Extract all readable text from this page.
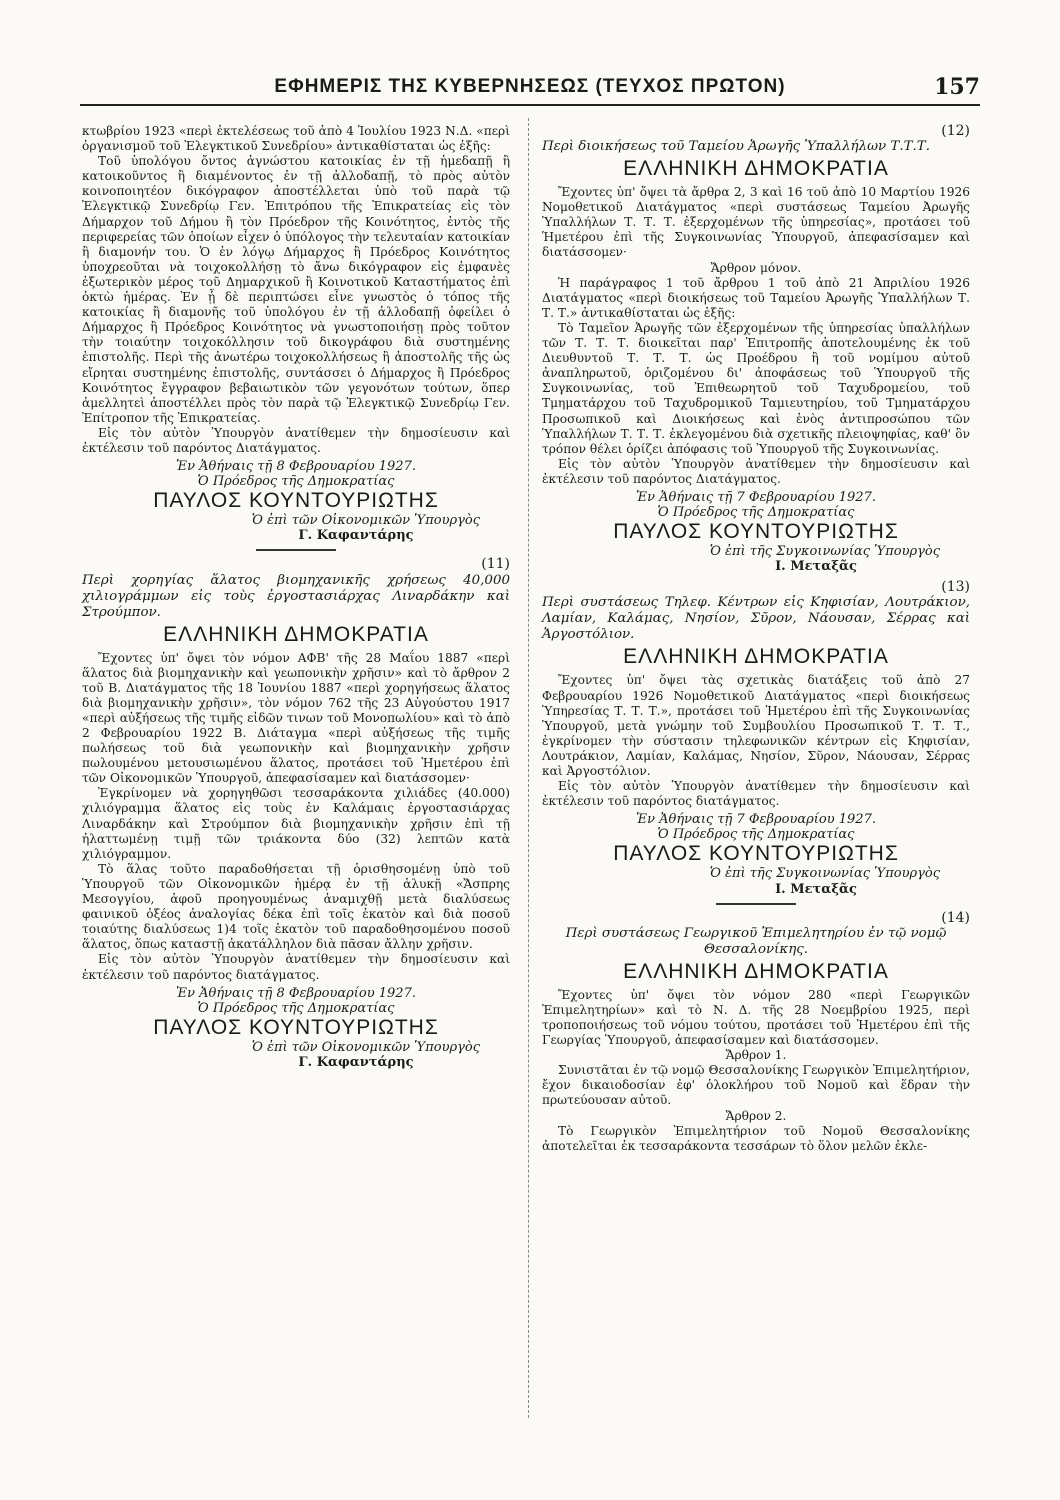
ΕΦΗΜΕΡΙΣ ΤΗΣ ΚΥΒΕΡΝΗΣΕΩΣ (ΤΕΥΧΟΣ ΠΡΩΤΟΝ)	157

κτωβρίου 1923 «περὶ ἐκτελέσεως τοῦ ἀπὸ 4 Ἰουλίου 1923 Ν.Δ. «περὶ ὀργανισμοῦ τοῦ Ἐλεγκτικοῦ Συνεδρίου» ἀντικαθίσταται ὡς ἑξῆς:

Τοῦ ὑπολόγου ὄντος ἀγνώστου κατοικίας ἐν τῇ ἡμεδαπῇ ἢ κατοικοῦντος ἢ διαμένοντος ἐν τῇ ἀλλοδαπῇ, τὸ πρὸς αὐτὸν κοινοποιητέον δικόγραφον ἀποστέλλεται ὑπὸ τοῦ παρὰ τῷ Ἐλεγκτικῷ Συνεδρίῳ Γεν. Ἐπιτρόπου τῆς Ἐπικρατείας εἰς τὸν Δήμαρχον τοῦ Δήμου ἢ τὸν Πρόεδρον τῆς Κοινότητος, ἐντὸς τῆς περιφερείας τῶν ὁποίων εἶχεν ὁ ὑπόλογος τὴν τελευταίαν κατοικίαν ἢ διαμονήν του. Ὁ ἐν λόγῳ Δήμαρχος ἢ Πρόεδρος Κοινότητος ὑποχρεοῦται νὰ τοιχοκολλήσῃ τὸ ἄνω δικόγραφον εἰς ἐμφανὲς ἐξωτερικὸν μέρος τοῦ Δημαρχικοῦ ἢ Κοινοτικοῦ Καταστήματος ἐπὶ ὀκτὼ ἡμέρας. Ἐν ᾗ δὲ περιπτώσει εἶνε γνωστὸς ὁ τόπος τῆς κατοικίας ἢ διαμονῆς τοῦ ὑπολόγου ἐν τῇ ἀλλοδαπῇ ὀφείλει ὁ Δήμαρχος ἢ Πρόεδρος Κοινότητος νὰ γνωστοποιήσῃ πρὸς τοῦτον τὴν τοιαύτην τοιχοκόλλησιν τοῦ δικογράφου διὰ συστημένης ἐπιστολῆς. Περὶ τῆς ἀνωτέρω τοιχοκολλήσεως ἢ ἀποστολῆς τῆς ὡς εἴρηται συστημένης ἐπιστολῆς, συντάσσει ὁ Δήμαρχος ἢ Πρόεδρος Κοινότητος ἔγγραφον βεβαιωτικὸν τῶν γεγονότων τούτων, ὅπερ ἀμελλητεὶ ἀποστέλλει πρὸς τὸν παρὰ τῷ Ἐλεγκτικῷ Συνεδρίῳ Γεν. Ἐπίτροπον τῆς Ἐπικρατείας.

Εἰς τὸν αὐτὸν Ὑπουργὸν ἀνατίθεμεν τὴν δημοσίευσιν καὶ ἐκτέλεσιν τοῦ παρόντος Διατάγματος.

Ἐν Ἀθήναις τῇ 8 Φεβρουαρίου 1927.
Ὁ Πρόεδρος τῆς Δημοκρατίας
ΠΑΥΛΟΣ ΚΟΥΝΤΟΥΡΙΩΤΗΣ
Ὁ ἐπὶ τῶν Οἰκονομικῶν Ὑπουργὸς
Γ. Καφαντάρης
(11)
Περὶ χορηγίας ἅλατος βιομηχανικῆς χρήσεως 40,000 χιλιογράμμων εἰς τοὺς ἐργοστασιάρχας Λιναρδάκην καὶ Στρούμπον.
ΕΛΛΗΝΙΚΗ ΔΗΜΟΚΡΑΤΙΑ

Ἔχοντες ὑπ' ὄψει τὸν νόμον ΑΦΒ' τῆς 28 Μαΐου 1887 «περὶ ἅλατος διὰ βιομηχανικὴν καὶ γεωπονικὴν χρῆσιν» καὶ τὸ ἄρθρον 2 τοῦ Β. Διατάγματος τῆς 18 Ἰουνίου 1887 «περὶ χορηγήσεως ἅλατος διὰ βιομηχανικὴν χρῆσιν», τὸν νόμον 762 τῆς 23 Αὐγούστου 1917 «περὶ αὐξήσεως τῆς τιμῆς εἰδῶν τινων τοῦ Μονοπωλίου» καὶ τὸ ἀπὸ 2 Φεβρουαρίου 1922 Β. Διάταγμα «περὶ αὐξήσεως τῆς τιμῆς πωλήσεως τοῦ διὰ γεωπονικὴν καὶ βιομηχανικὴν χρῆσιν πωλουμένου μετουσιωμένου ἅλατος, προτάσει τοῦ Ἡμετέρου ἐπὶ τῶν Οἰκονομικῶν Ὑπουργοῦ, ἀπεφασίσαμεν καὶ διατάσσομεν·

Ἐγκρίνομεν νὰ χορηγηθῶσι τεσσαράκοντα χιλιάδες (40.000) χιλιόγραμμα ἅλατος εἰς τοὺς ἐν Καλάμαις ἐργοστασιάρχας Λιναρδάκην καὶ Στρούμπον διὰ βιομηχανικὴν χρῆσιν ἐπὶ τῇ ἠλαττωμένῃ τιμῇ τῶν τριάκοντα δύο (32) λεπτῶν κατὰ χιλιόγραμμον.

Τὸ ἅλας τοῦτο παραδοθήσεται τῇ ὁρισθησομένῃ ὑπὸ τοῦ Ὑπουργοῦ τῶν Οἰκονομικῶν ἡμέρᾳ ἐν τῇ ἁλυκῇ «Ἄσπρης Μεσογγίου, ἀφοῦ προηγουμένως ἀναμιχθῇ μετὰ διαλύσεως φαινικοῦ ὀξέος ἀναλογίας δέκα ἐπὶ τοῖς ἑκατὸν καὶ διὰ ποσοῦ τοιαύτης διαλύσεως 1)4 τοῖς ἑκατὸν τοῦ παραδοθησομένου ποσοῦ ἅλατος, ὅπως καταστῇ ἀκατάλληλον διὰ πᾶσαν ἄλλην χρῆσιν.

Εἰς τὸν αὐτὸν Ὑπουργὸν ἀνατίθεμεν τὴν δημοσίευσιν καὶ ἐκτέλεσιν τοῦ παρόντος διατάγματος.

Ἐν Ἀθήναις τῇ 8 Φεβρουαρίου 1927.
Ὁ Πρόεδρος τῆς Δημοκρατίας
ΠΑΥΛΟΣ ΚΟΥΝΤΟΥΡΙΩΤΗΣ
Ὁ ἐπὶ τῶν Οἰκονομικῶν Ὑπουργὸς
Γ. Καφαντάρης
(12)
Περὶ διοικήσεως τοῦ Ταμείου Ἀρωγῆς Ὑπαλλήλων Τ.Τ.Τ.
ΕΛΛΗΝΙΚΗ ΔΗΜΟΚΡΑΤΙΑ

Ἔχοντες ὑπ' ὄψει τὰ ἄρθρα 2, 3 καὶ 16 τοῦ ἀπὸ 10 Μαρτίου 1926 Νομοθετικοῦ Διατάγματος «περὶ συστάσεως Ταμείου Ἀρωγῆς Ὑπαλλήλων Τ. Τ. Τ. ἐξερχομένων τῆς ὑπηρεσίας», προτάσει τοῦ Ἡμετέρου ἐπὶ τῆς Συγκοινωνίας Ὑπουργοῦ, ἀπεφασίσαμεν καὶ διατάσσομεν·

Ἄρθρον μόνον.

Ἡ παράγραφος 1 τοῦ ἄρθρου 1 τοῦ ἀπὸ 21 Ἀπριλίου 1926 Διατάγματος «περὶ διοικήσεως τοῦ Ταμείου Ἀρωγῆς Ὑπαλλήλων Τ. Τ. Τ.» ἀντικαθίσταται ὡς ἑξῆς:

Τὸ Ταμεῖον Ἀρωγῆς τῶν ἐξερχομένων τῆς ὑπηρεσίας ὑπαλλήλων τῶν Τ. Τ. Τ. διοικεῖται παρ' Ἐπιτροπῆς ἀποτελουμένης ἐκ τοῦ Διευθυντοῦ Τ. Τ. Τ. ὡς Προέδρου ἢ τοῦ νομίμου αὐτοῦ ἀναπληρωτοῦ, ὁριζομένου δι' ἀποφάσεως τοῦ Ὑπουργοῦ τῆς Συγκοινωνίας, τοῦ Ἐπιθεωρητοῦ τοῦ Ταχυδρομείου, τοῦ Τμηματάρχου τοῦ Ταχυδρομικοῦ Ταμιευτηρίου, τοῦ Τμηματάρχου Προσωπικοῦ καὶ Διοικήσεως καὶ ἑνὸς ἀντιπροσώπου τῶν Ὑπαλλήλων Τ. Τ. Τ. ἐκλεγομένου διὰ σχετικῆς πλειοψηφίας, καθ' ὃν τρόπον θέλει ὁρίζει ἀπόφασις τοῦ Ὑπουργοῦ τῆς Συγκοινωνίας.

Εἰς τὸν αὐτὸν Ὑπουργὸν ἀνατίθεμεν τὴν δημοσίευσιν καὶ ἐκτέλεσιν τοῦ παρόντος Διατάγματος.

Ἐν Ἀθήναις τῇ 7 Φεβρουαρίου 1927.
Ὁ Πρόεδρος τῆς Δημοκρατίας
ΠΑΥΛΟΣ ΚΟΥΝΤΟΥΡΙΩΤΗΣ
Ὁ ἐπὶ τῆς Συγκοινωνίας Ὑπουργὸς
Ι. Μεταξᾶς
(13)
Περὶ συστάσεως Τηλεφ. Κέντρων εἰς Κηφισίαν, Λουτράκιον, Λαμίαν, Καλάμας, Νησίον, Σῦρον, Νάουσαν, Σέρρας καὶ Ἀργοστόλιον.
ΕΛΛΗΝΙΚΗ ΔΗΜΟΚΡΑΤΙΑ

Ἔχοντες ὑπ' ὄψει τὰς σχετικὰς διατάξεις τοῦ ἀπὸ 27 Φεβρουαρίου 1926 Νομοθετικοῦ Διατάγματος «περὶ διοικήσεως Ὑπηρεσίας Τ. Τ. Τ.», προτάσει τοῦ Ἡμετέρου ἐπὶ τῆς Συγκοινωνίας Ὑπουργοῦ, μετὰ γνώμην τοῦ Συμβουλίου Προσωπικοῦ Τ. Τ. Τ., ἐγκρίνομεν τὴν σύστασιν τηλεφωνικῶν κέντρων εἰς Κηφισίαν, Λουτράκιον, Λαμίαν, Καλάμας, Νησίον, Σῦρον, Νάουσαν, Σέρρας καὶ Ἀργοστόλιον.

Εἰς τὸν αὐτὸν Ὑπουργὸν ἀνατίθεμεν τὴν δημοσίευσιν καὶ ἐκτέλεσιν τοῦ παρόντος διατάγματος.

Ἐν Ἀθήναις τῇ 7 Φεβρουαρίου 1927.
Ὁ Πρόεδρος τῆς Δημοκρατίας
ΠΑΥΛΟΣ ΚΟΥΝΤΟΥΡΙΩΤΗΣ
Ὁ ἐπὶ τῆς Συγκοινωνίας Ὑπουργὸς
Ι. Μεταξᾶς
(14)
Περὶ συστάσεως Γεωργικοῦ Ἐπιμελητηρίου ἐν τῷ νομῷ Θεσσαλονίκης.
ΕΛΛΗΝΙΚΗ ΔΗΜΟΚΡΑΤΙΑ

Ἔχοντες ὑπ' ὄψει τὸν νόμον 280 «περὶ Γεωργικῶν Ἐπιμελητηρίων» καὶ τὸ Ν. Δ. τῆς 28 Νοεμβρίου 1925, περὶ τροποποιήσεως τοῦ νόμου τούτου, προτάσει τοῦ Ἡμετέρου ἐπὶ τῆς Γεωργίας Ὑπουργοῦ, ἀπεφασίσαμεν καὶ διατάσσομεν.

Ἄρθρον 1.

Συνιστᾶται ἐν τῷ νομῷ Θεσσαλονίκης Γεωργικὸν Ἐπιμελητήριον, ἔχον δικαιοδοσίαν ἐφ' ὁλοκλήρου τοῦ Νομοῦ καὶ ἕδραν τὴν πρωτεύουσαν αὐτοῦ.

Ἄρθρον 2.

Τὸ Γεωργικὸν Ἐπιμελητήριον τοῦ Νομοῦ Θεσσαλονίκης ἀποτελεῖται ἐκ τεσσαράκοντα τεσσάρων τὸ ὅλον μελῶν ἐκλε-
